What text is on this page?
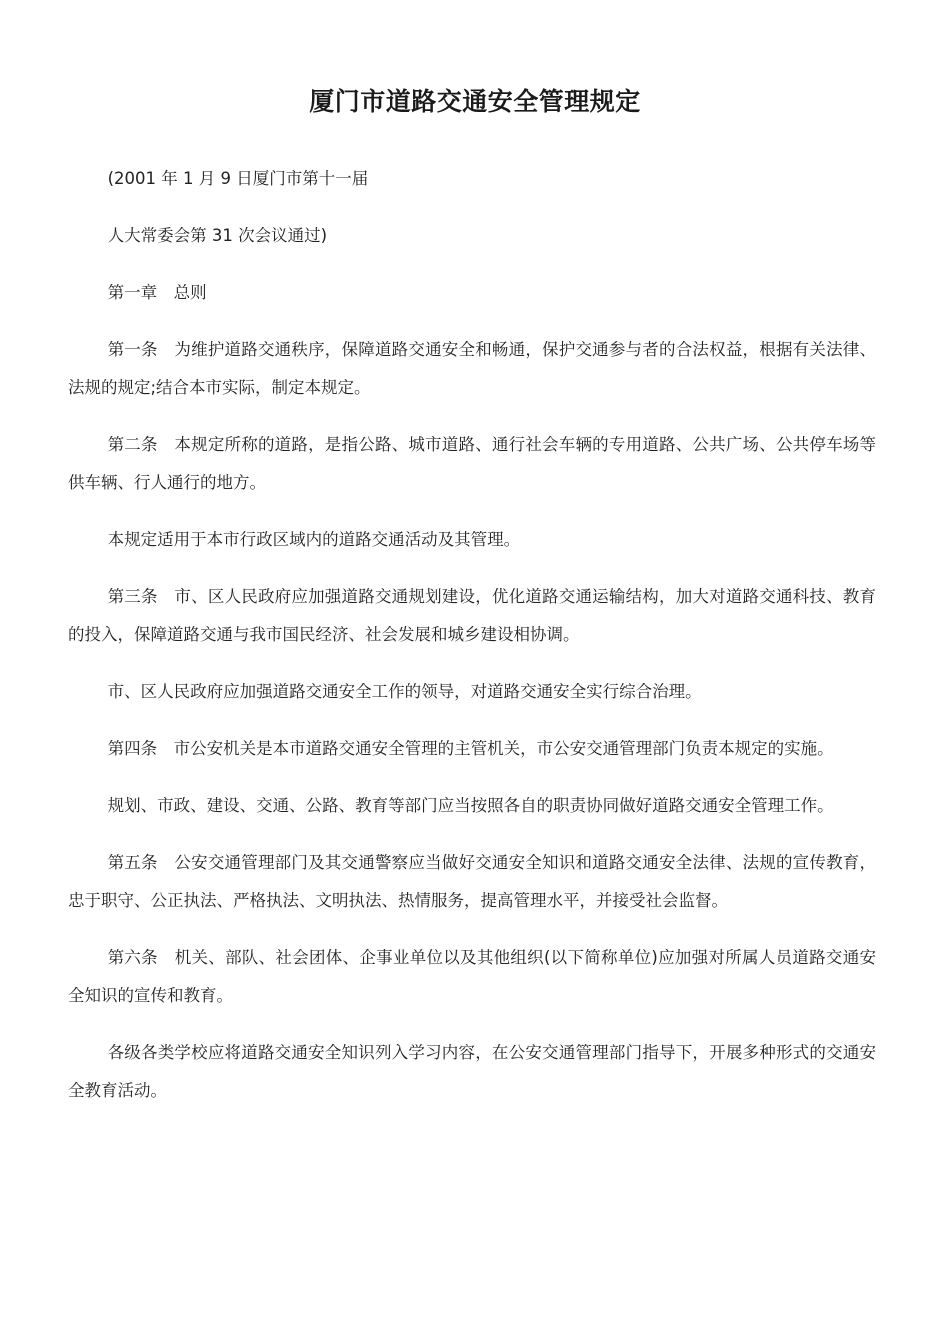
厦门市道路交通安全管理规定

(2001 年 1 月 9 日厦门市第十一届

人大常委会第 31 次会议通过)

第一章　总则

第一条　为维护道路交通秩序，保障道路交通安全和畅通，保护交通参与者的合法权益，根据有关法律、法规的规定;结合本市实际，制定本规定。

第二条　本规定所称的道路，是指公路、城市道路、通行社会车辆的专用道路、公共广场、公共停车场等供车辆、行人通行的地方。

本规定适用于本市行政区域内的道路交通活动及其管理。

第三条　市、区人民政府应加强道路交通规划建设，优化道路交通运输结构，加大对道路交通科技、教育的投入，保障道路交通与我市国民经济、社会发展和城乡建设相协调。

市、区人民政府应加强道路交通安全工作的领导，对道路交通安全实行综合治理。

第四条　市公安机关是本市道路交通安全管理的主管机关，市公安交通管理部门负责本规定的实施。

规划、市政、建设、交通、公路、教育等部门应当按照各自的职责协同做好道路交通安全管理工作。

第五条　公安交通管理部门及其交通警察应当做好交通安全知识和道路交通安全法律、法规的宣传教育，忠于职守、公正执法、严格执法、文明执法、热情服务，提高管理水平，并接受社会监督。

第六条　机关、部队、社会团体、企事业单位以及其他组织(以下简称单位)应加强对所属人员道路交通安全知识的宣传和教育。

各级各类学校应将道路交通安全知识列入学习内容，在公安交通管理部门指导下，开展多种形式的交通安全教育活动。
